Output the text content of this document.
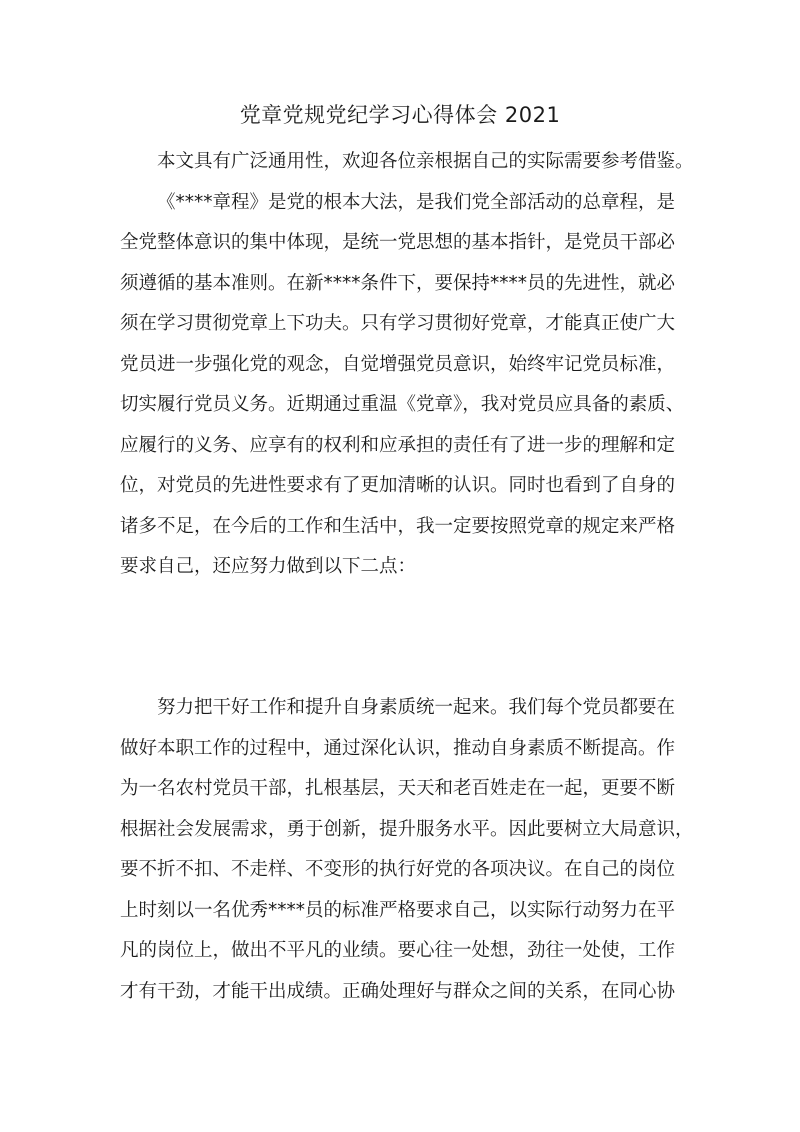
党章党规党纪学习心得体会 2021
本文具有广泛通用性，欢迎各位亲根据自己的实际需要参考借鉴。
《****章程》是党的根本大法，是我们党全部活动的总章程，是
全党整体意识的集中体现，是统一党思想的基本指针，是党员干部必
须遵循的基本准则。在新****条件下，要保持****员的先进性，就必
须在学习贯彻党章上下功夫。只有学习贯彻好党章，才能真正使广大
党员进一步强化党的观念，自觉增强党员意识，始终牢记党员标准，
切实履行党员义务。近期通过重温《党章》，我对党员应具备的素质、
应履行的义务、应享有的权利和应承担的责任有了进一步的理解和定
位，对党员的先进性要求有了更加清晰的认识。同时也看到了自身的
诸多不足，在今后的工作和生活中，我一定要按照党章的规定来严格
要求自己，还应努力做到以下二点：
努力把干好工作和提升自身素质统一起来。我们每个党员都要在
做好本职工作的过程中，通过深化认识，推动自身素质不断提高。作
为一名农村党员干部，扎根基层，天天和老百姓走在一起，更要不断
根据社会发展需求，勇于创新，提升服务水平。因此要树立大局意识，
要不折不扣、不走样、不变形的执行好党的各项决议。在自己的岗位
上时刻以一名优秀****员的标准严格要求自己，以实际行动努力在平
凡的岗位上，做出不平凡的业绩。要心往一处想，劲往一处使，工作
才有干劲，才能干出成绩。正确处理好与群众之间的关系，在同心协
